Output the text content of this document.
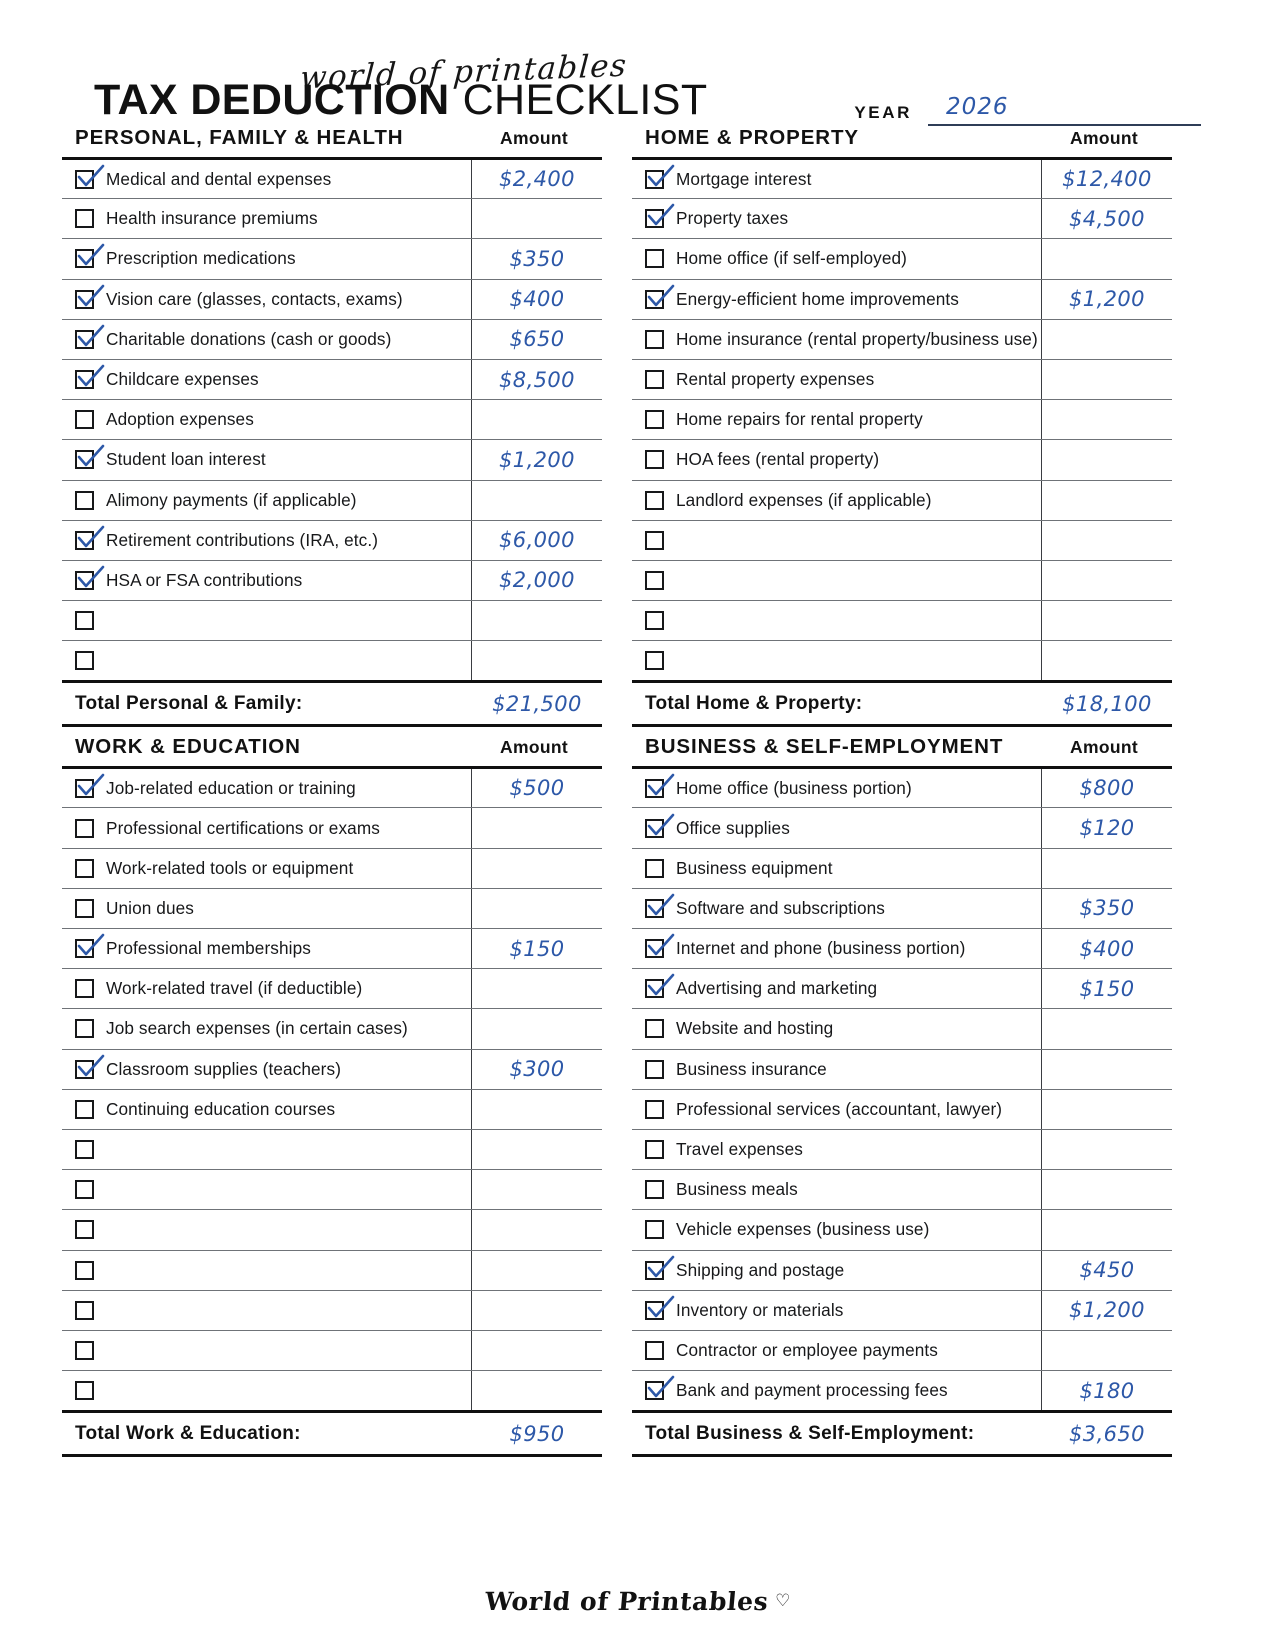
world of printables
TAX DEDUCTION CHECKLIST	YEAR 2026
PERSONAL, FAMILY & HEALTH	Amount
	Medical and dental expenses	$2,400
	Health insurance premiums	

	Prescription medications	$350

	Vision care (glasses, contacts, exams)	$400

	Charitable donations (cash or goods)	$650

	Childcare expenses	$8,500
	Adoption expenses	

	Student loan interest	$1,200
	Alimony payments (if applicable)	

	Retirement contributions (IRA, etc.)	$6,000

	HSA or FSA contributions	$2,000

Total Personal & Family:	$21,500
HOME & PROPERTY	Amount
	Mortgage interest	$12,400

	Property taxes	$4,500
	Home office (if self-employed)	

	Energy-efficient home improvements	$1,200
	Home insurance (rental property/business use)	
	Rental property expenses	
	Home repairs for rental property	
	HOA fees (rental property)	
	Landlord expenses (if applicable)	

Total Home & Property:	$18,100
WORK & EDUCATION	Amount
	Job-related education or training	$500
	Professional certifications or exams	
	Work-related tools or equipment	
	Union dues	

	Professional memberships	$150
	Work-related travel (if deductible)	
	Job search expenses (in certain cases)	

	Classroom supplies (teachers)	$300
	Continuing education courses	

Total Work & Education:	$950
BUSINESS & SELF-EMPLOYMENT	Amount
	Home office (business portion)	$800

	Office supplies	$120
	Business equipment	

	Software and subscriptions	$350

	Internet and phone (business portion)	$400

	Advertising and marketing	$150
	Website and hosting	
	Business insurance	
	Professional services (accountant, lawyer)	
	Travel expenses	
	Business meals	
	Vehicle expenses (business use)	

	Shipping and postage	$450

	Inventory or materials	$1,200
	Contractor or employee payments	

	Bank and payment processing fees	$180
Total Business & Self-Employment:	$3,650
World of Printables ♡
